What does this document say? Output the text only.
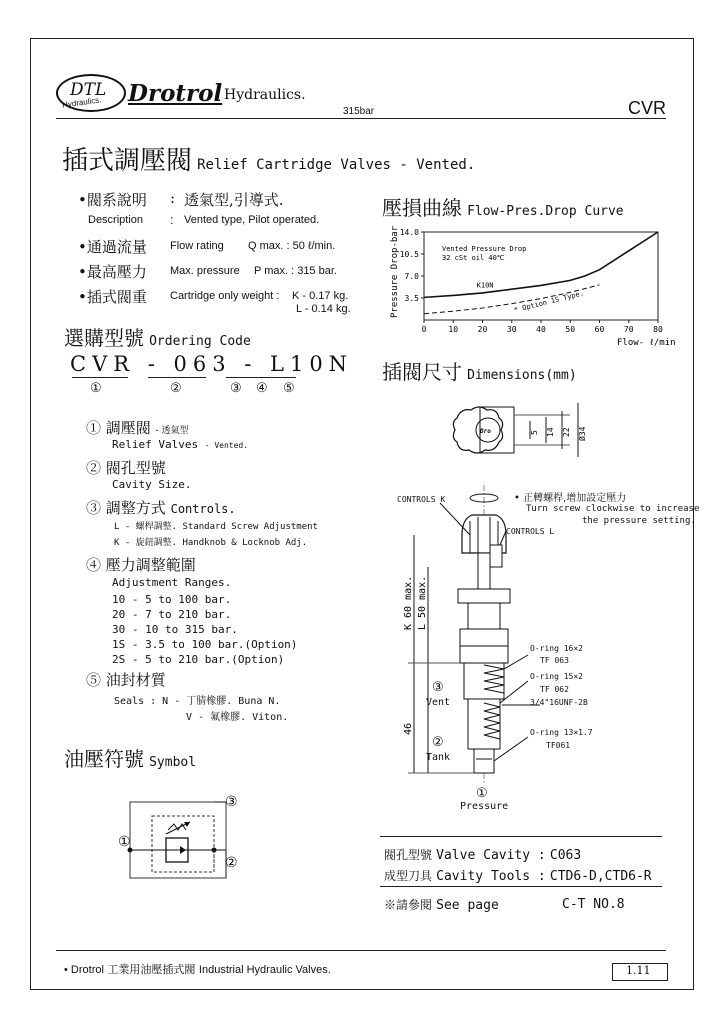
DTL
Hydraulics. Drotrol Hydraulics.
315bar	CVR
插式調壓閥 Relief Cartridge Valves - Vented.
•閥系說明 : 透氣型,引導式.
Description : Vented type, Pilot operated.
•通過流量 Flow rating Q max. : 50 ℓ/min.
•最高壓力 Max. pressure P max. : 315 bar.
•插式閥重 Cartridge only weight : K - 0.17 kg.
L - 0.14 kg.
選購型號 Ordering Code
CVR - 063 - L10N
①	②	③ ④ ⑤
① 調壓閥 - 透氣型
Relief Valves - Vented.
② 閥孔型號
Cavity Size.
③ 調整方式 Controls.
L - 螺桿調整. Standard Screw Adjustment
K - 旋鈕調整. Handknob & Locknob Adj.
④ 壓力調整範圍
Adjustment Ranges.
10 - 5 to 100 bar.
20 - 7 to 210 bar.
30 - 10 to 315 bar.
1S - 3.5 to 100 bar.(Option)
2S - 5 to 210 bar.(Option)
⑤ 油封材質
Seals : N - 丁腈橡膠. Buna N.
V - 氟橡膠. Viton.
油壓符號 Symbol
①
②
③
壓損曲線 Flow-Pres.Drop Curve
0	10 20 30 40 50 60 70 80
3.5
7.0
10.5
14.0
K10N
* Option 1S Type.
Pressure Drop-bar
Flow- ℓ/min
Vented Pressure Drop
32 cSt oil 40℃
插閥尺寸 Dimensions(mm)
Dro	5 14 22 Ø34
K 60 max. L 50 max.
46
CONTROLS K
CONTROLS L
• 正轉螺桿,增加設定壓力
Turn screw clockwise to increase
the pressure setting.
O-ring 16×2
TF 063
O-ring 15×2
TF 062
3/4"16UNF-2B
O-ring 13×1.7
TF061
③
Vent
②
Tank
①
Pressure
閥孔型號 Valve Cavity : C063
成型刀具 Cavity Tools : CTD6-D,CTD6-R
※請參閱 See page	C-T NO.8
• Drotrol 工業用油壓插式閥 Industrial Hydraulic Valves.	1.11
